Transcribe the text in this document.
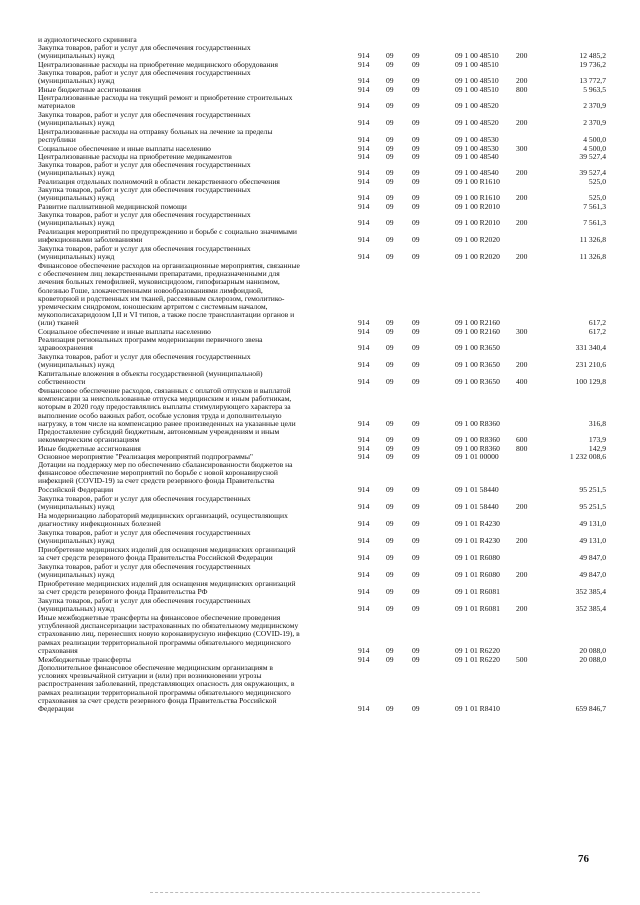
и аудиологического скрининга
Закупка товаров, работ и услуг для обеспечения государственных
(муниципальных) нужд	914 09 09	09 1 00 48510 200	12 485,2
Централизованные расходы на приобретение медицинского оборудования	914 09 09	09 1 00 48510	19 736,2
Закупка товаров, работ и услуг для обеспечения государственных
(муниципальных) нужд	914 09 09	09 1 00 48510 200	13 772,7
Иные бюджетные ассигнования	914 09 09	09 1 00 48510 800	5 963,5
Централизованные расходы на текущий ремонт и приобретение строительных
материалов	914 09 09	09 1 00 48520	2 370,9
Закупка товаров, работ и услуг для обеспечения государственных
(муниципальных) нужд	914 09 09	09 1 00 48520 200	2 370,9
Централизованные расходы на отправку больных на лечение за пределы
республики	914 09 09	09 1 00 48530	4 500,0
Социальное обеспечение и иные выплаты населению	914 09 09	09 1 00 48530 300	4 500,0
Централизованные расходы на приобретение медикаментов	914 09 09	09 1 00 48540	39 527,4
Закупка товаров, работ и услуг для обеспечения государственных
(муниципальных) нужд	914 09 09	09 1 00 48540 200	39 527,4
Реализация отдельных полномочий в области лекарственного обеспечения	914 09 09	09 1 00 R1610	525,0
Закупка товаров, работ и услуг для обеспечения государственных
(муниципальных) нужд	914 09 09	09 1 00 R1610 200	525,0
Развитие паллиативной медицинской помощи	914 09 09	09 1 00 R2010	7 561,3
Закупка товаров, работ и услуг для обеспечения государственных
(муниципальных) нужд	914 09 09	09 1 00 R2010 200	7 561,3
Реализация мероприятий по предупреждению и борьбе с социально значимыми
инфекционными заболеваниями	914 09 09	09 1 00 R2020	11 326,8
Закупка товаров, работ и услуг для обеспечения государственных
(муниципальных) нужд	914 09 09	09 1 00 R2020 200	11 326,8
Финансовое обеспечение расходов на организационные мероприятия, связанные
с обеспечением лиц лекарственными препаратами, предназначенными для
лечения больных гемофилией, муковисцидозом, гипофизарным нанизмом,
болезнью Гоше, злокачественными новообразованиями лимфоидной,
кроветорной и родственных им тканей, рассеянным склерозом, гемолитико-
уремическим синдромом, юношеским артритом с системным началом,
мукополисахаридозом I,II и VI типов, а также после трансплантации органов и
(или) тканей	914 09 09	09 1 00 R2160	617,2
Социальное обеспечение и иные выплаты населению	914 09 09	09 1 00 R2160 300	617,2
Реализация региональных программ модернизации первичного звена
здравоохранения	914 09 09	09 1 00 R3650	331 340,4
Закупка товаров, работ и услуг для обеспечения государственных
(муниципальных) нужд	914 09 09	09 1 00 R3650 200	231 210,6
Капитальные вложения в объекты государственной (муниципальной)
собственности	914 09 09	09 1 00 R3650 400	100 129,8
Финансовое обеспечение расходов, связанных с оплатой отпусков и выплатой
компенсации за неиспользованные отпуска медицинским и иным работникам,
которым в 2020 году предоставлялись выплаты стимулирующего характера за
выполнение особо важных работ, особые условия труда и дополнительную
нагрузку, в том числе на компенсацию ранее произведенных на указанные цели	914 09 09	09 1 00 R8360	316,8
Предоставление субсидий бюджетным, автономным учреждениям и иным
некоммерческим организациям	914 09 09	09 1 00 R8360 600	173,9
Иные бюджетные ассигнования	914 09 09	09 1 00 R8360 800	142,9
Основное мероприятие "Реализация мероприятий подпрограммы"	914 09 09	09 1 01 00000	1 232 008,6
Дотации на поддержку мер по обеспечению сбалансированности бюджетов на
финансовое обеспечение мероприятий по борьбе с новой коронавирусной
инфекцией (COVID-19) за счет средств резервного фонда Правительства
Российской Федерации	914 09 09	09 1 01 58440	95 251,5
Закупка товаров, работ и услуг для обеспечения государственных
(муниципальных) нужд	914 09 09	09 1 01 58440 200	95 251,5
На модернизацию лабораторий медицинских организаций, осуществляющих
диагностику инфекционных болезней	914 09 09	09 1 01 R4230	49 131,0
Закупка товаров, работ и услуг для обеспечения государственных
(муниципальных) нужд	914 09 09	09 1 01 R4230 200	49 131,0
Приобретение медицинских изделий для оснащения медицинских организаций
за счет средств резервного фонда Правительства Российской Федерации	914 09 09	09 1 01 R6080	49 847,0
Закупка товаров, работ и услуг для обеспечения государственных
(муниципальных) нужд	914 09 09	09 1 01 R6080 200	49 847,0
Приобретение медицинских изделий для оснащения медицинских организаций
за счет средств резервного фонда Правительства РФ	914 09 09	09 1 01 R6081	352 385,4
Закупка товаров, работ и услуг для обеспечения государственных
(муниципальных) нужд	914 09 09	09 1 01 R6081 200	352 385,4
Иные межбюджетные трансферты на финансовое обеспечение проведения
углубленной диспансеризации застрахованных по обязательному медицинскому
страхованию лиц, перенесших новую коронавирусную инфекцию (COVID-19), в
рамках реализации территориальной программы обязательного медицинского
страхования	914 09 09	09 1 01 R6220	20 088,0
Межбюджетные трансферты	914 09 09	09 1 01 R6220 500	20 088,0
Дополнительное финансовое обеспечение медицинским организациям в
условиях чрезвычайной ситуации и (или) при возникновении угрозы
распространения заболеваний, представляющих опасность для окружающих, в
рамках реализации территориальной программы обязательного медицинского
страхования за счет средств резервного фонда Правительства Российской
Федерации	914 09 09	09 1 01 R8410	659 846,7
76
